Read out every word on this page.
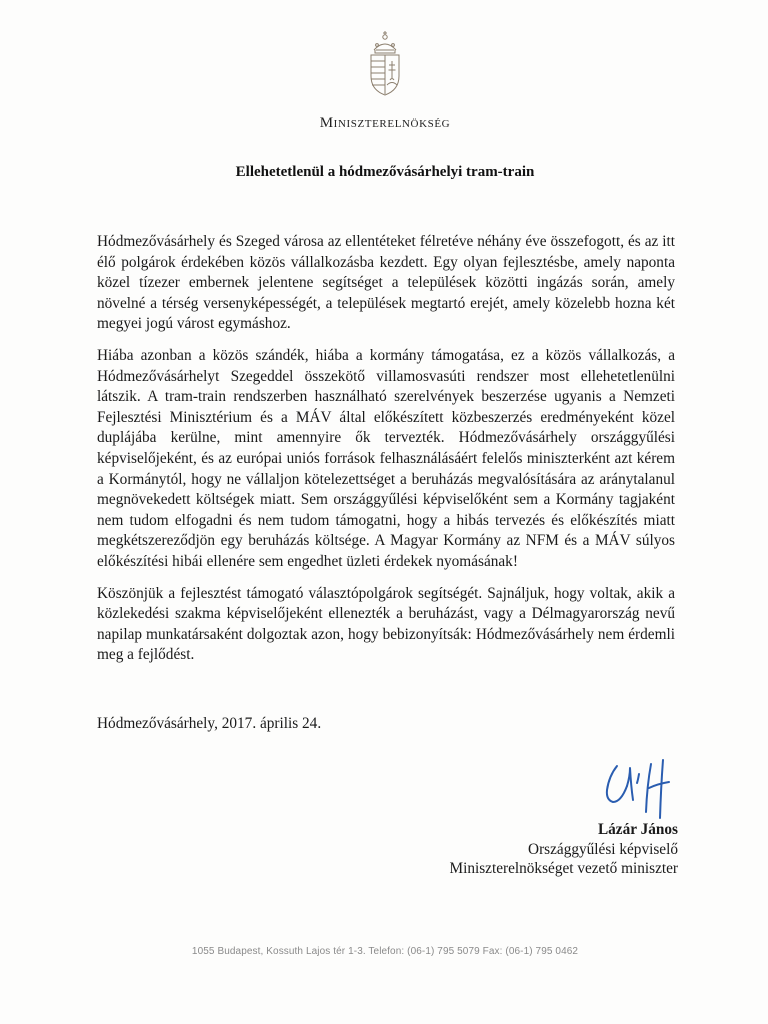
Miniszterelnökség
Ellehetetlenül a hódmezővásárhelyi tram-train

Hódmezővásárhely és Szeged városa az ellentéteket félretéve néhány éve összefogott, és az itt élő polgárok érdekében közös vállalkozásba kezdett. Egy olyan fejlesztésbe, amely naponta közel tízezer embernek jelentene segítséget a települések közötti ingázás során, amely növelné a térség versenyképességét, a települések megtartó erejét, amely közelebb hozna két megyei jogú várost egymáshoz.

Hiába azonban a közös szándék, hiába a kormány támogatása, ez a közös vállalkozás, a Hódmezővásárhelyt Szegeddel összekötő villamosvasúti rendszer most ellehetetlenülni látszik. A tram-train rendszerben használható szerelvények beszerzése ugyanis a Nemzeti Fejlesztési Minisztérium és a MÁV által előkészített közbeszerzés eredményeként közel duplájába kerülne, mint amennyire ők tervezték. Hódmezővásárhely országgyűlési képviselőjeként, és az európai uniós források felhasználásáért felelős miniszterként azt kérem a Kormánytól, hogy ne vállaljon kötelezettséget a beruházás megvalósítására az aránytalanul megnövekedett költségek miatt. Sem országgyűlési képviselőként sem a Kormány tagjaként nem tudom elfogadni és nem tudom támogatni, hogy a hibás tervezés és előkészítés miatt megkétszereződjön egy beruházás költsége. A Magyar Kormány az NFM és a MÁV súlyos előkészítési hibái ellenére sem engedhet üzleti érdekek nyomásának!

Köszönjük a fejlesztést támogató választópolgárok segítségét. Sajnáljuk, hogy voltak, akik a közlekedési szakma képviselőjeként ellenezték a beruházást, vagy a Délmagyarország nevű napilap munkatársaként dolgoztak azon, hogy bebizonyítsák: Hódmezővásárhely nem érdemli meg a fejlődést.

Hódmezővásárhely, 2017. április 24.
Lázár János
Országgyűlési képviselő
Miniszterelnökséget vezető miniszter
1055 Budapest, Kossuth Lajos tér 1-3. Telefon: (06-1) 795 5079 Fax: (06-1) 795 0462
